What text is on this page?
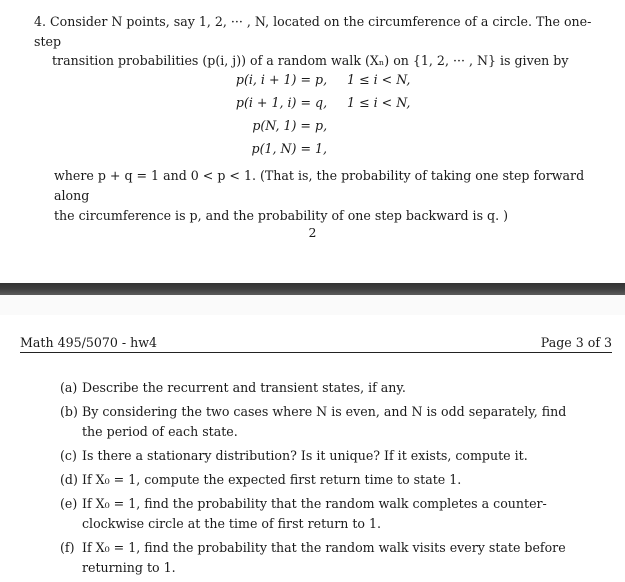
4. Consider N points, say 1, 2, ··· , N, located on the circumference of a circle. The one-step

transition probabilities (p(i, j)) of a random walk (Xₙ) on {1, 2, ··· , N} is given by

p(i, i + 1) = p, 1 ≤ i < N,
p(i + 1, i) = q, 1 ≤ i < N,
p(N, 1) = p,
p(1, N) = 1,
where p + q = 1 and 0 < p < 1. (That is, the probability of taking one step forward along
the circumference is p, and the probability of one step backward is q. )
2
Math 495/5070 - hw4	Page 3 of 3
(a) Describe the recurrent and transient states, if any.
(b) By considering the two cases where N is even, and N is odd separately, find the period of each state.
(c) Is there a stationary distribution? Is it unique? If it exists, compute it.
(d) If X₀ = 1, compute the expected first return time to state 1.
(e) If X₀ = 1, find the probability that the random walk completes a counter-clockwise circle at the time of first return to 1.
(f) If X₀ = 1, find the probability that the random walk visits every state before returning to 1.
